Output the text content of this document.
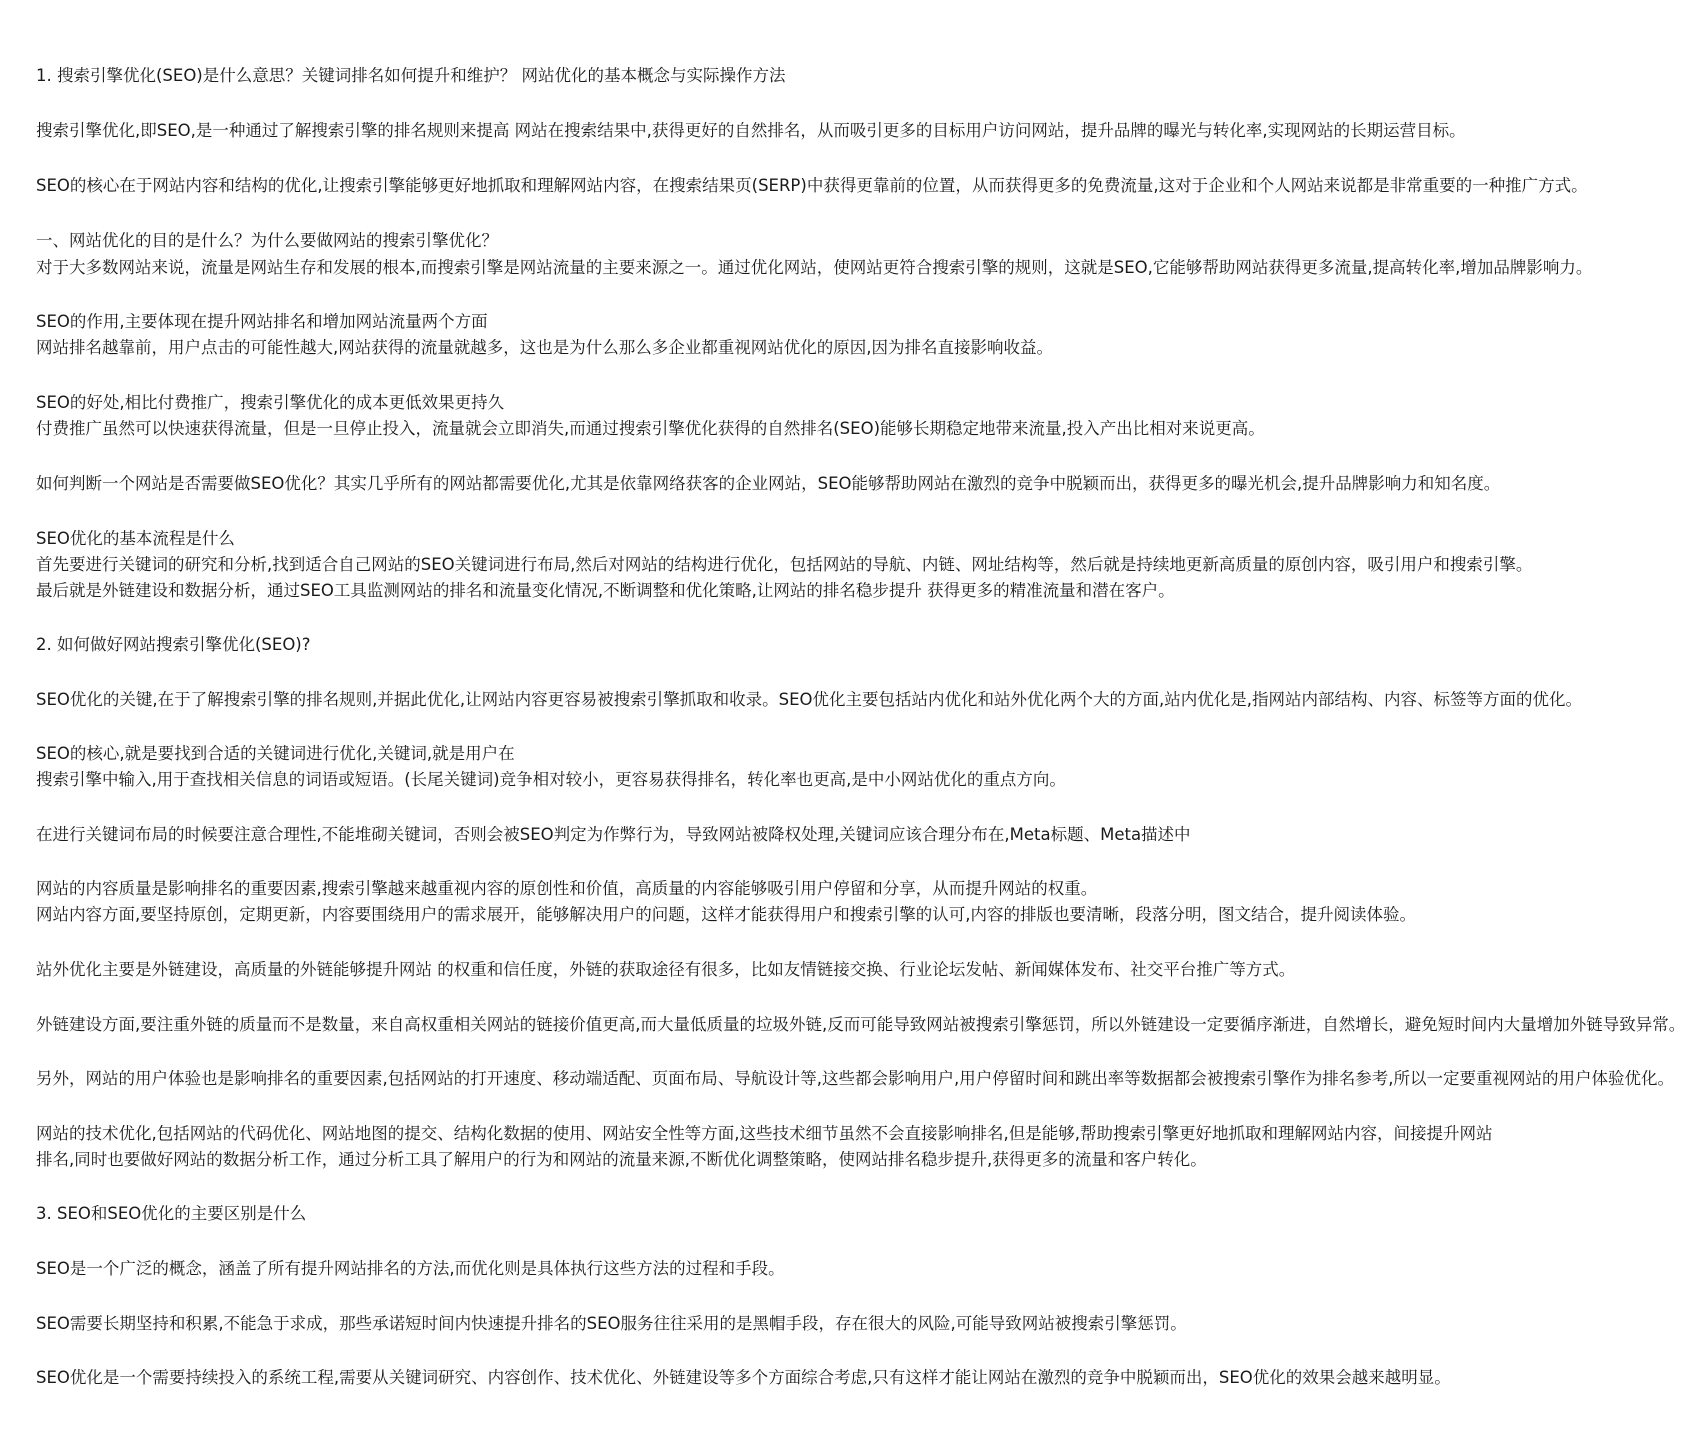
1. 搜索引擎优化(SEO)是什么意思？关键词排名如何提升和维护？ 网站优化的基本概念与实际操作方法
搜索引擎优化,即SEO,是一种通过了解搜索引擎的排名规则来提高 网站在搜索结果中,获得更好的自然排名，从而吸引更多的目标用户访问网站，提升品牌的曝光与转化率,实现网站的长期运营目标。
SEO的核心在于网站内容和结构的优化,让搜索引擎能够更好地抓取和理解网站内容，在搜索结果页(SERP)中获得更靠前的位置，从而获得更多的免费流量,这对于企业和个人网站来说都是非常重要的一种推广方式。
一、网站优化的目的是什么？为什么要做网站的搜索引擎优化？
对于大多数网站来说，流量是网站生存和发展的根本,而搜索引擎是网站流量的主要来源之一。通过优化网站，使网站更符合搜索引擎的规则，这就是SEO,它能够帮助网站获得更多流量,提高转化率,增加品牌影响力。
SEO的作用,主要体现在提升网站排名和增加网站流量两个方面
网站排名越靠前，用户点击的可能性越大,网站获得的流量就越多，这也是为什么那么多企业都重视网站优化的原因,因为排名直接影响收益。
SEO的好处,相比付费推广，搜索引擎优化的成本更低效果更持久
付费推广虽然可以快速获得流量，但是一旦停止投入，流量就会立即消失,而通过搜索引擎优化获得的自然排名(SEO)能够长期稳定地带来流量,投入产出比相对来说更高。
如何判断一个网站是否需要做SEO优化？其实几乎所有的网站都需要优化,尤其是依靠网络获客的企业网站，SEO能够帮助网站在激烈的竞争中脱颖而出，获得更多的曝光机会,提升品牌影响力和知名度。
SEO优化的基本流程是什么
首先要进行关键词的研究和分析,找到适合自己网站的SEO关键词进行布局,然后对网站的结构进行优化，包括网站的导航、内链、网址结构等，然后就是持续地更新高质量的原创内容，吸引用户和搜索引擎。
最后就是外链建设和数据分析，通过SEO工具监测网站的排名和流量变化情况,不断调整和优化策略,让网站的排名稳步提升 获得更多的精准流量和潜在客户。
2. 如何做好网站搜索引擎优化(SEO)?
SEO优化的关键,在于了解搜索引擎的排名规则,并据此优化,让网站内容更容易被搜索引擎抓取和收录。SEO优化主要包括站内优化和站外优化两个大的方面,站内优化是,指网站内部结构、内容、标签等方面的优化。
SEO的核心,就是要找到合适的关键词进行优化,关键词,就是用户在
搜索引擎中输入,用于查找相关信息的词语或短语。(长尾关键词)竞争相对较小，更容易获得排名，转化率也更高,是中小网站优化的重点方向。
在进行关键词布局的时候要注意合理性,不能堆砌关键词，否则会被SEO判定为作弊行为，导致网站被降权处理,关键词应该合理分布在,Meta标题、Meta描述中
网站的内容质量是影响排名的重要因素,搜索引擎越来越重视内容的原创性和价值，高质量的内容能够吸引用户停留和分享，从而提升网站的权重。
网站内容方面,要坚持原创，定期更新，内容要围绕用户的需求展开，能够解决用户的问题，这样才能获得用户和搜索引擎的认可,内容的排版也要清晰，段落分明，图文结合，提升阅读体验。
站外优化主要是外链建设，高质量的外链能够提升网站 的权重和信任度，外链的获取途径有很多，比如友情链接交换、行业论坛发帖、新闻媒体发布、社交平台推广等方式。
外链建设方面,要注重外链的质量而不是数量，来自高权重相关网站的链接价值更高,而大量低质量的垃圾外链,反而可能导致网站被搜索引擎惩罚，所以外链建设一定要循序渐进，自然增长，避免短时间内大量增加外链导致异常。
另外，网站的用户体验也是影响排名的重要因素,包括网站的打开速度、移动端适配、页面布局、导航设计等,这些都会影响用户,用户停留时间和跳出率等数据都会被搜索引擎作为排名参考,所以一定要重视网站的用户体验优化。
网站的技术优化,包括网站的代码优化、网站地图的提交、结构化数据的使用、网站安全性等方面,这些技术细节虽然不会直接影响排名,但是能够,帮助搜索引擎更好地抓取和理解网站内容，间接提升网站
排名,同时也要做好网站的数据分析工作，通过分析工具了解用户的行为和网站的流量来源,不断优化调整策略，使网站排名稳步提升,获得更多的流量和客户转化。
3. SEO和SEO优化的主要区别是什么
SEO是一个广泛的概念，涵盖了所有提升网站排名的方法,而优化则是具体执行这些方法的过程和手段。
SEO需要长期坚持和积累,不能急于求成，那些承诺短时间内快速提升排名的SEO服务往往采用的是黑帽手段，存在很大的风险,可能导致网站被搜索引擎惩罚。
SEO优化是一个需要持续投入的系统工程,需要从关键词研究、内容创作、技术优化、外链建设等多个方面综合考虑,只有这样才能让网站在激烈的竞争中脱颖而出，SEO优化的效果会越来越明显。
